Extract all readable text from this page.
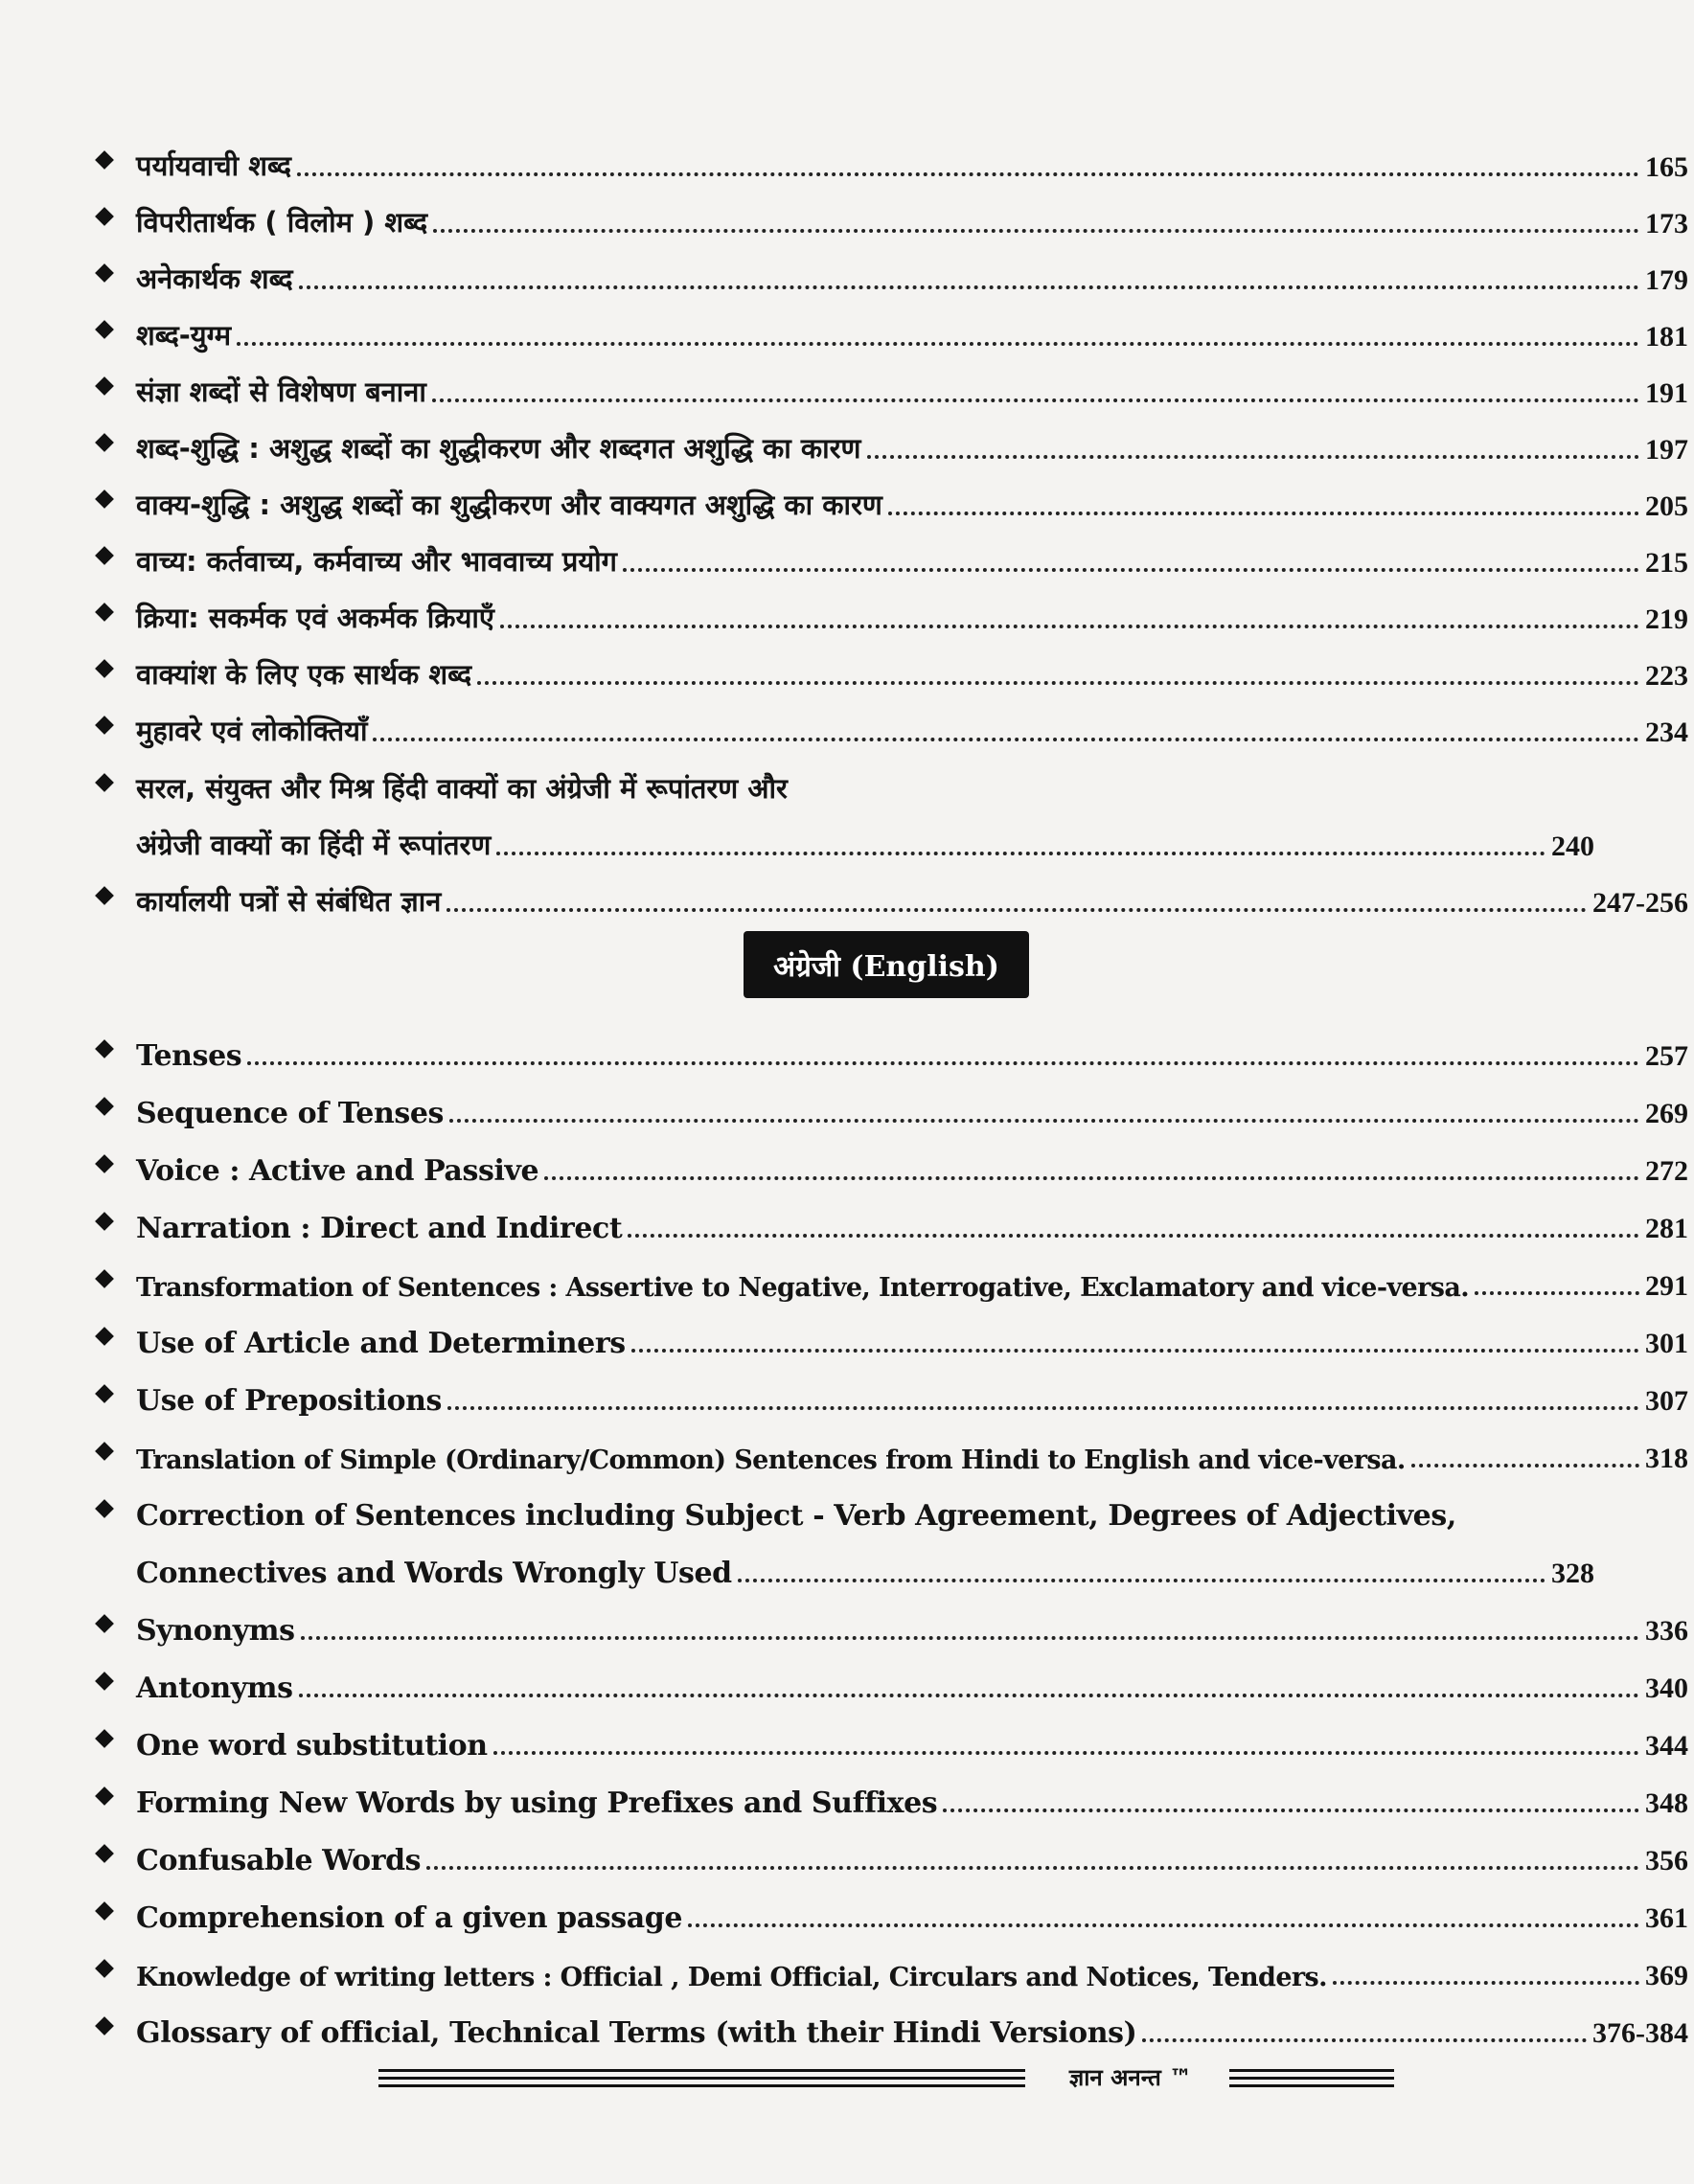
पर्यायवाची शब्द	165
विपरीतार्थक ( विलोम ) शब्द	173
अनेकार्थक शब्द	179
शब्द-युग्म	181
संज्ञा शब्दों से विशेषण बनाना	191
शब्द-शुद्धि : अशुद्ध शब्दों का शुद्धीकरण और शब्दगत अशुद्धि का कारण	197
वाक्य-शुद्धि : अशुद्ध शब्दों का शुद्धीकरण और वाक्यगत अशुद्धि का कारण	205
वाच्य: कर्तवाच्य, कर्मवाच्य और भाववाच्य प्रयोग	215
क्रिया: सकर्मक एवं अकर्मक क्रियाएँ	219
वाक्यांश के लिए एक सार्थक शब्द	223
मुहावरे एवं लोकोक्तियाँ	234
सरल, संयुक्त और मिश्र हिंदी वाक्यों का अंग्रेजी में रूपांतरण और
अंग्रेजी वाक्यों का हिंदी में रूपांतरण	240
कार्यालयी पत्रों से संबंधित ज्ञान	247-256
अंग्रेजी (English)
Tenses	257
Sequence of Tenses	269
Voice : Active and Passive	272
Narration : Direct and Indirect	281
Transformation of Sentences : Assertive to Negative, Interrogative, Exclamatory and vice-versa.	291
Use of Article and Determiners	301
Use of Prepositions	307
Translation of Simple (Ordinary/Common) Sentences from Hindi to English and vice-versa.	318
Correction of Sentences including Subject - Verb Agreement, Degrees of Adjectives,
Connectives and Words Wrongly Used	328
Synonyms	336
Antonyms	340
One word substitution	344
Forming New Words by using Prefixes and Suffixes	348
Confusable Words	356
Comprehension of a given passage	361
Knowledge of writing letters : Official , Demi Official, Circulars and Notices, Tenders.	369
Glossary of official, Technical Terms (with their Hindi Versions)	376-384
ज्ञान अनन्त ™
